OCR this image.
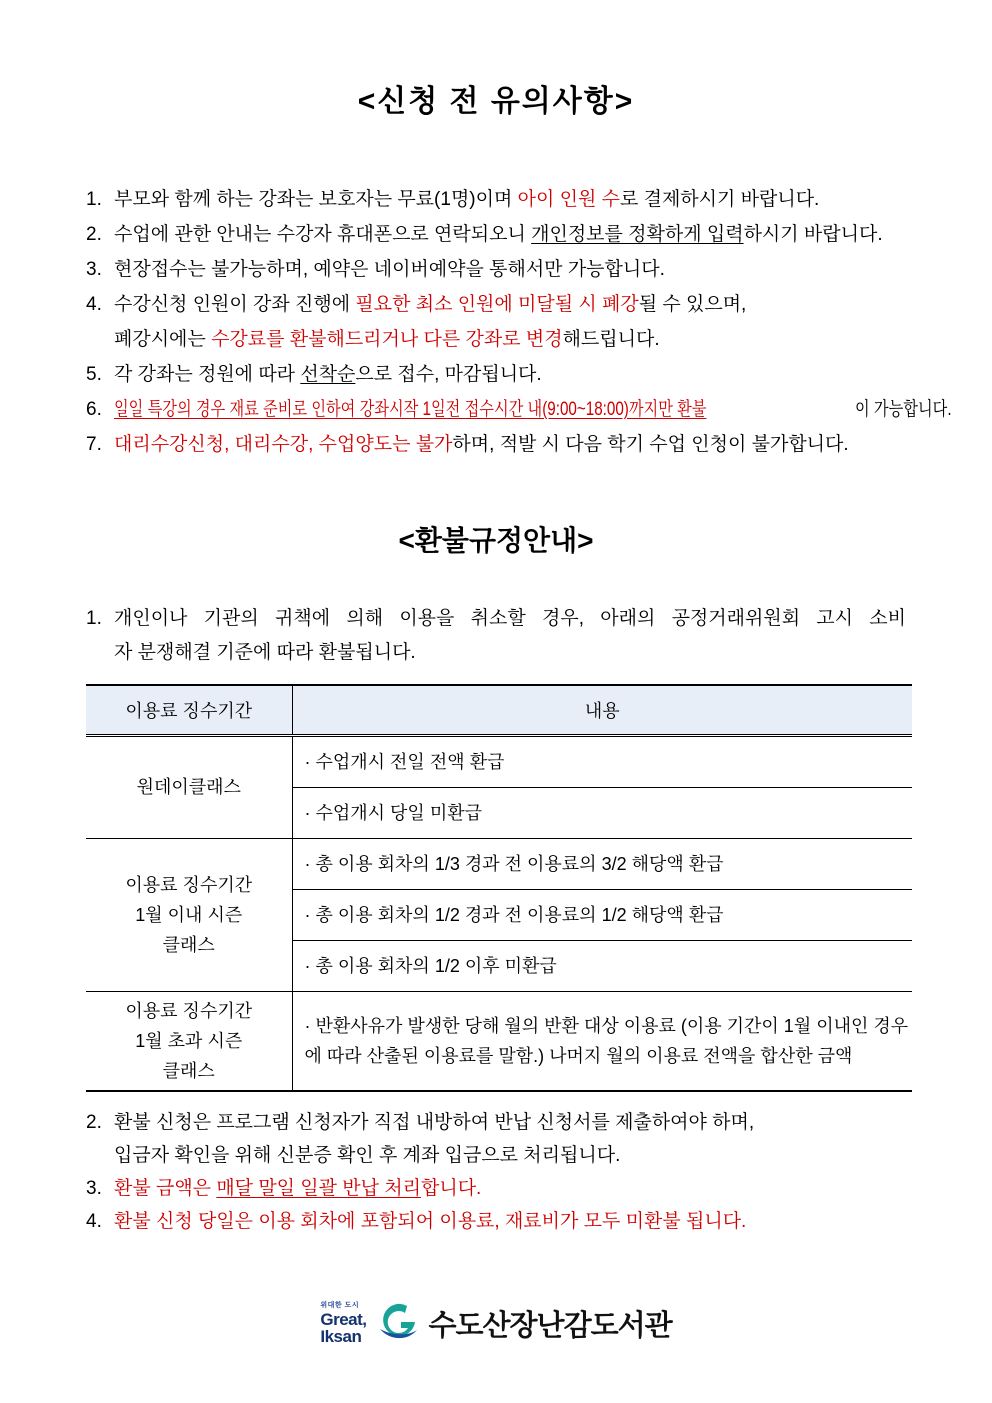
<신청 전 유의사항>
1. 부모와 함께 하는 강좌는 보호자는 무료(1명)이며 아이 인원 수로 결제하시기 바랍니다.
2. 수업에 관한 안내는 수강자 휴대폰으로 연락되오니 개인정보를 정확하게 입력하시기 바랍니다.
3. 현장접수는 불가능하며, 예약은 네이버예약을 통해서만 가능합니다.
4. 수강신청 인원이 강좌 진행에 필요한 최소 인원에 미달될 시 폐강될 수 있으며,
폐강시에는 수강료를 환불해드리거나 다른 강좌로 변경해드립니다.
5. 각 강좌는 정원에 따라 선착순으로 접수, 마감됩니다.
6. 일일 특강의 경우 재료 준비로 인하여 강좌시작 1일전 접수시간 내(9:00~18:00)까지만 환불	이 가능합니다.
7. 대리수강신청, 대리수강, 수업양도는 불가하며, 적발 시 다음 학기 수업 인청이 불가합니다.
<환불규정안내>
1. 개인이나 기관의 귀책에 의해 이용을 취소할 경우, 아래의 공정거래위원회 고시 소비
자 분쟁해결 기준에 따라 환불됩니다.
이용료 징수기간	내용

원데이클래스	· 수업개시 전일 전액 환급
	· 수업개시 당일 미환급

이용료 징수기간
1월 이내 시즌
클래스	· 총 이용 회차의 1/3 경과 전 이용료의 3/2 해당액 환급
	· 총 이용 회차의 1/2 경과 전 이용료의 1/2 해당액 환급
	· 총 이용 회차의 1/2 이후 미환급

이용료 징수기간
1월 초과 시즌
클래스	· 반환사유가 발생한 당해 월의 반환 대상 이용료 (이용 기간이 1월 이내인 경우에 따라 산출된 이용료를 말함.) 나머지 월의 이용료 전액을 합산한 금액
2. 환불 신청은 프로그램 신청자가 직접 내방하여 반납 신청서를 제출하여야 하며,
입금자 확인을 위해 신분증 확인 후 계좌 입금으로 처리됩니다.
3. 환불 금액은 매달 말일 일괄 반납 처리합니다.
4. 환불 신청 당일은 이용 회차에 포함되어 이용료, 재료비가 모두 미환불 됩니다.
위대한 도시
Great,
Iksan 수도산장난감도서관
